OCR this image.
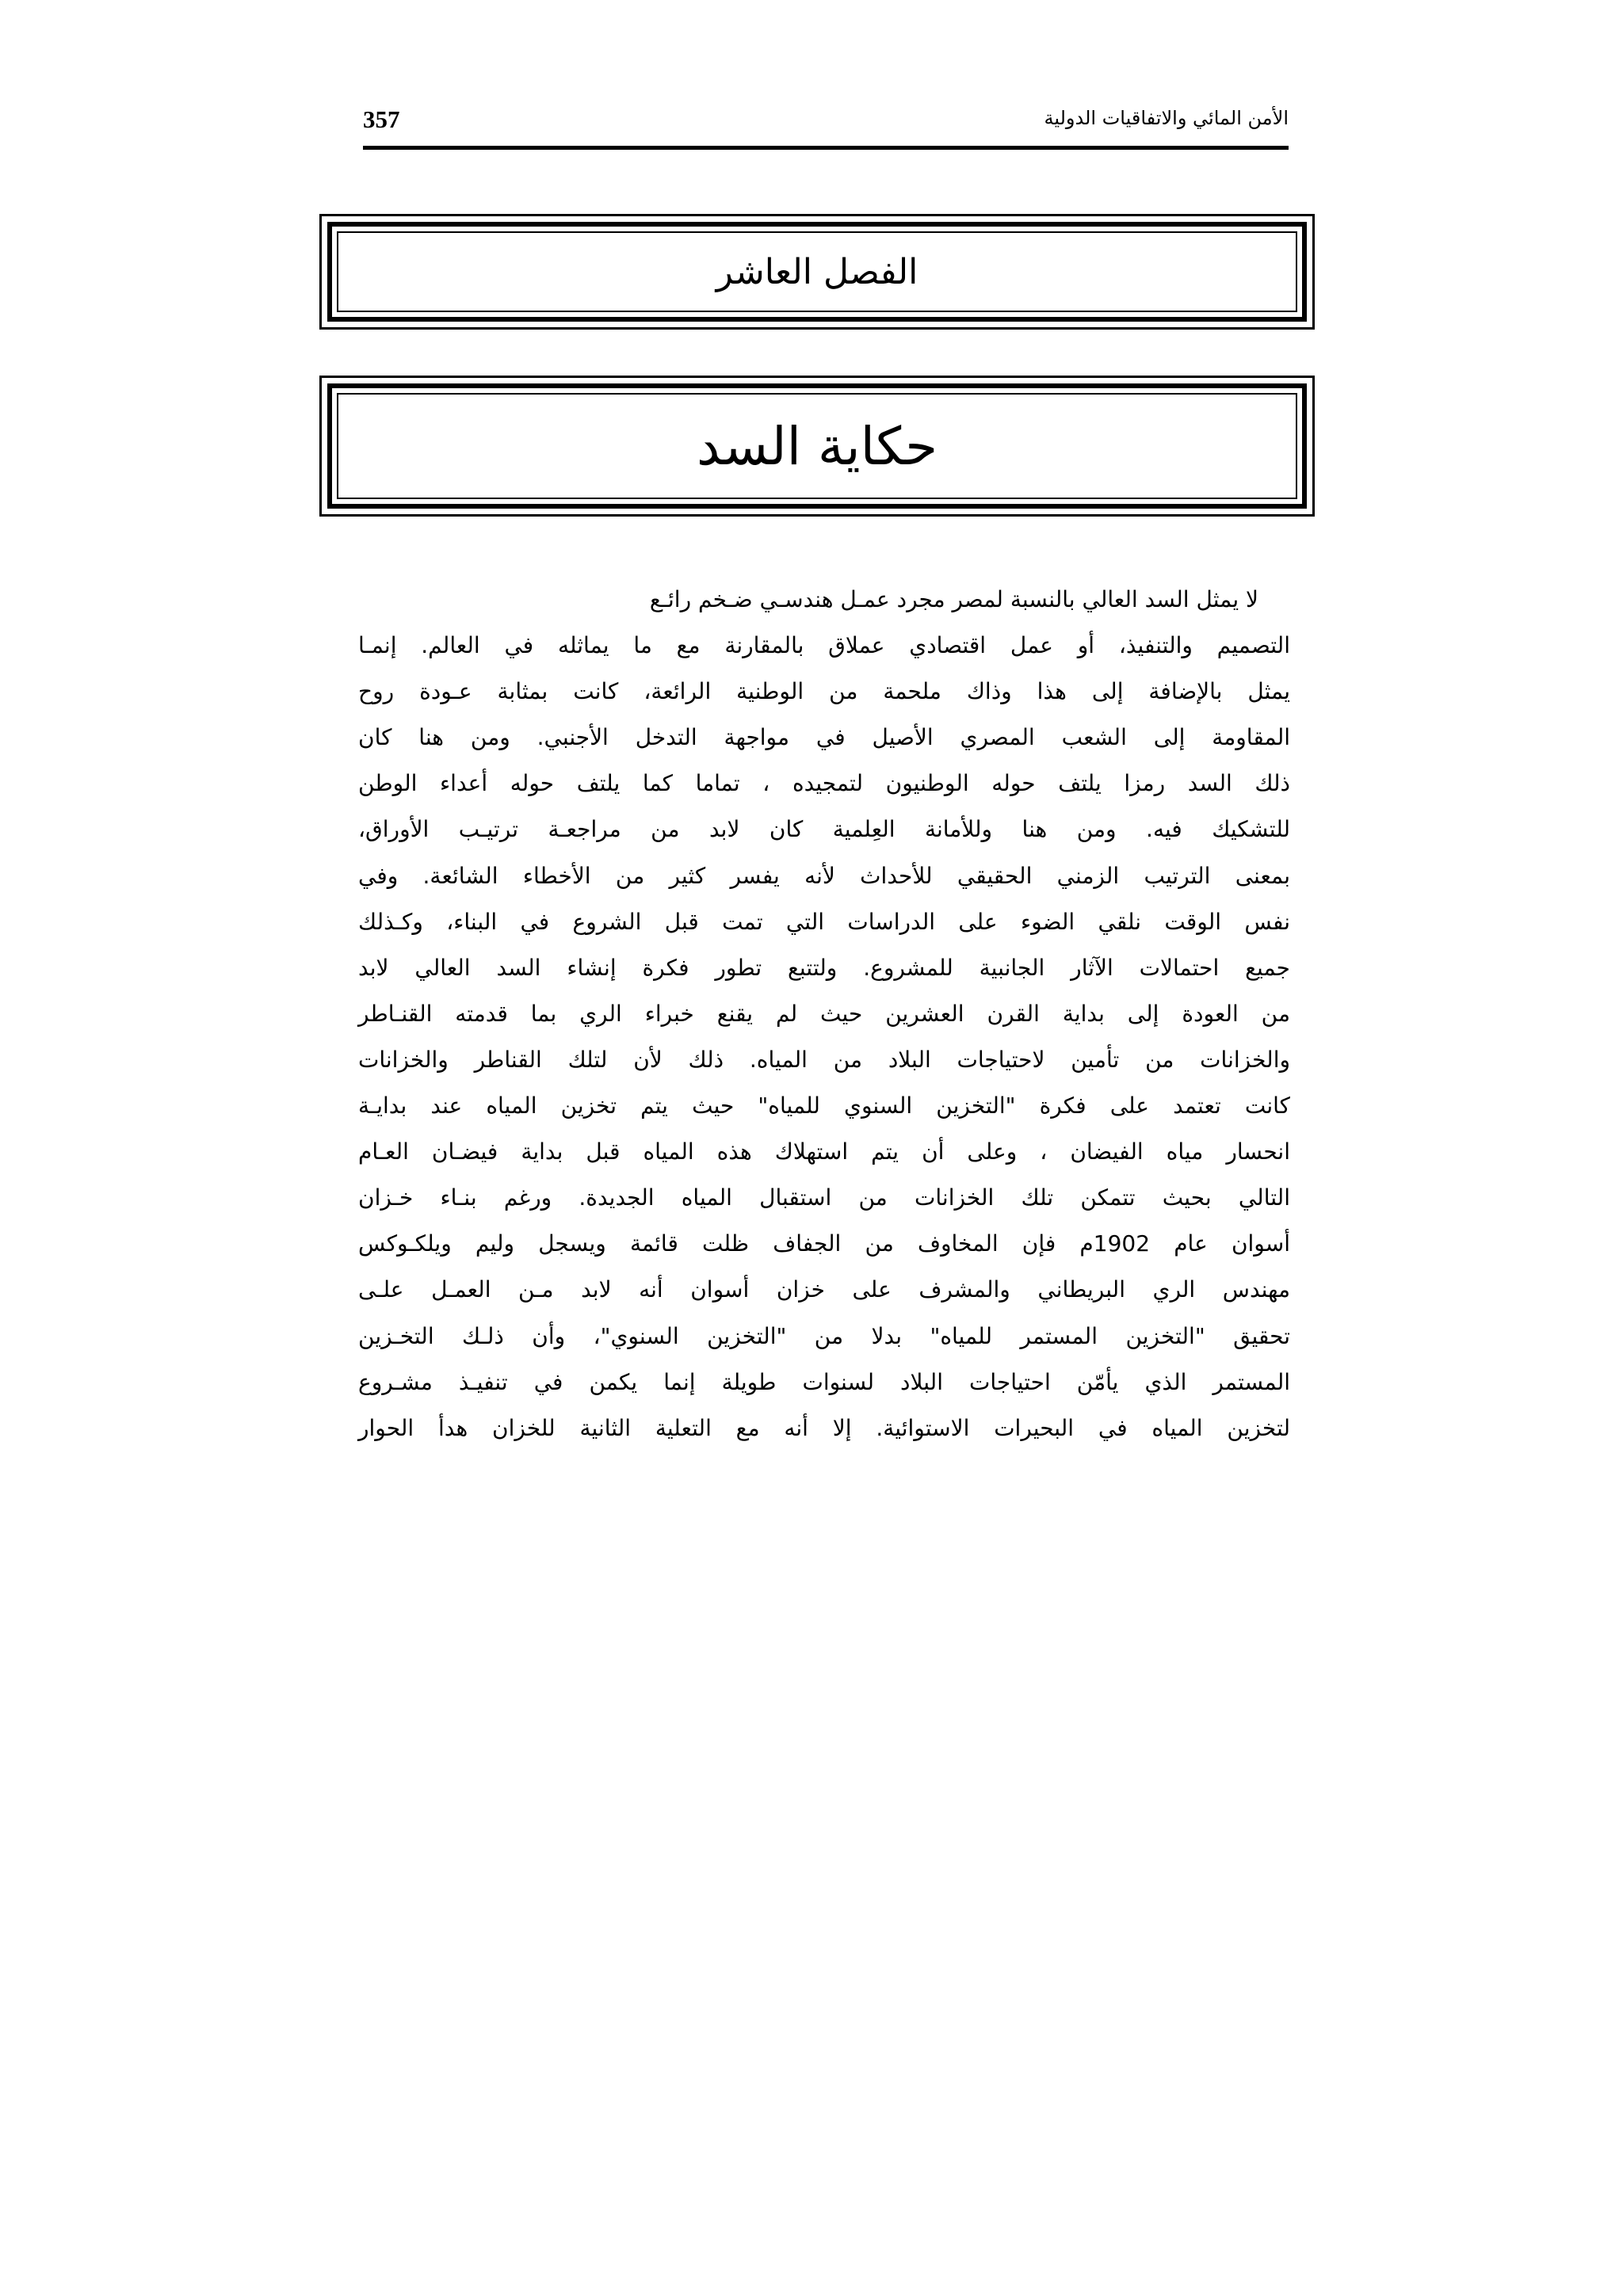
357	الأمن المائي والاتفاقيات الدولية
الفصل العاشر
حكاية السد
لا يمثل السد العالي بالنسبة لمصر مجرد عمـل هندسـي ضـخم رائـع
التصميم والتنفيذ، أو عمل اقتصادي عملاق بالمقارنة مع ما يماثله في العالم. إنمـا
يمثل بالإضافة إلى هذا وذاك ملحمة من الوطنية الرائعة، كانت بمثابة عـودة روح
المقاومة إلى الشعب المصري الأصيل في مواجهة التدخل الأجنبي. ومن هنا كان
ذلك السد رمزا يلتف حوله الوطنيون لتمجيده ، تماما كما يلتف حوله أعداء الوطن
للتشكيك فيه. ومن هنا وللأمانة العِلمية كان لابد من مراجعـة ترتيـب الأوراق،
بمعنى الترتيب الزمني الحقيقي للأحداث لأنه يفسر كثير من الأخطاء الشائعة. وفي
نفس الوقت نلقي الضوء على الدراسات التي تمت قبل الشروع في البناء، وكـذلك
جميع احتمالات الآثار الجانبية للمشروع. ولتتبع تطور فكرة إنشاء السد العالي لابد
من العودة إلى بداية القرن العشرين حيث لم يقنع خبراء الري بما قدمته القنـاطر
والخزانات من تأمين لاحتياجات البلاد من المياه. ذلك لأن لتلك القناطر والخزانات
كانت تعتمد على فكرة "التخزين السنوي للمياه" حيث يتم تخزين المياه عند بدايـة
انحسار مياه الفيضان ، وعلى أن يتم استهلاك هذه المياه قبل بداية فيضـان العـام
التالي بحيث تتمكن تلك الخزانات من استقبال المياه الجديدة. ورغم بنـاء خـزان
أسوان عام 1902م فإن المخاوف من الجفاف ظلت قائمة ويسجل وليم ويلكـوكس
مهندس الري البريطاني والمشرف على خزان أسوان أنه لابد مـن العمـل علـى
تحقيق "التخزين المستمر للمياه" بدلا من "التخزين السنوي"، وأن ذلـك التخـزين
المستمر الذي يأمّن احتياجات البلاد لسنوات طويلة إنما يكمن في تنفيـذ مشـروع
لتخزين المياه في البحيرات الاستوائية. إلا أنه مع التعلية الثانية للخزان هدأ الحوار
